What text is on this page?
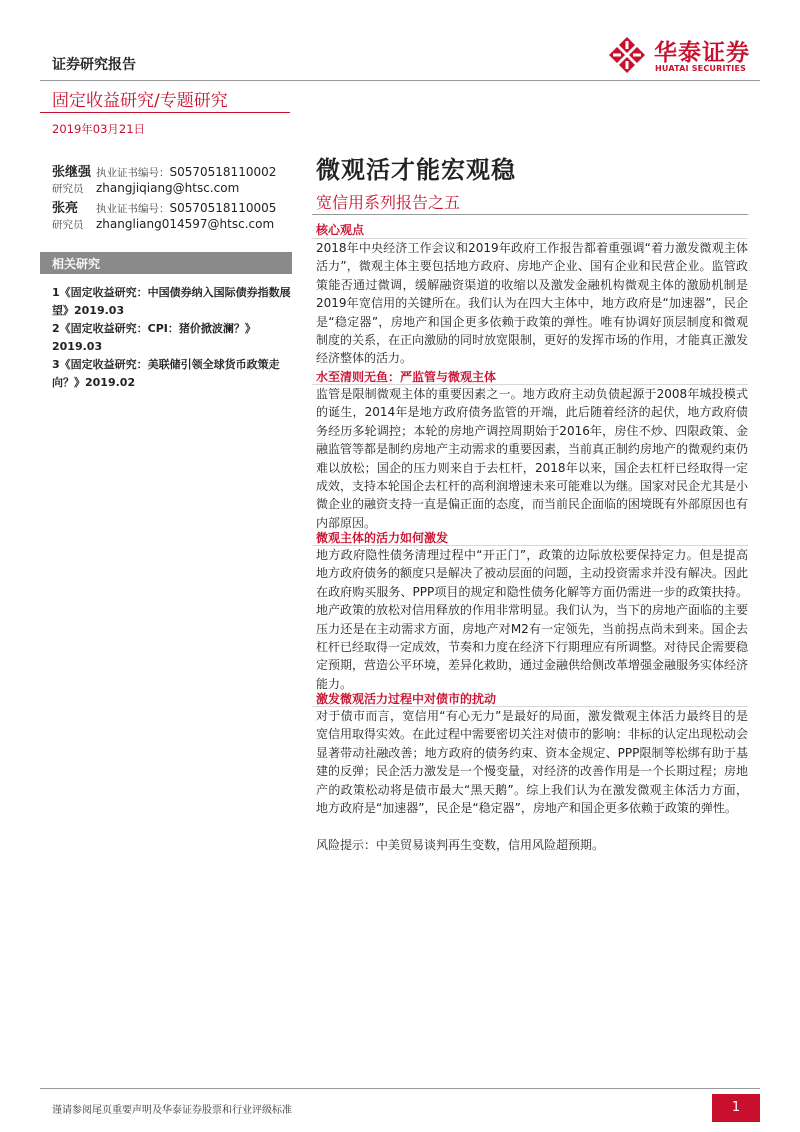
证券研究报告	华泰证券
HUATAI SECURITIES
固定收益研究/专题研究
2019年03月21日
张继强 执业证书编号：S0570518110002
研究员 zhangjiqiang@htsc.com
张亮 执业证书编号：S0570518110005
研究员 zhangliang014597@htsc.com
相关研究
1《固定收益研究：中国债券纳入国际债券指数展望》2019.03
2《固定收益研究：CPI：猪价掀波澜？》2019.03
3《固定收益研究：美联储引领全球货币政策走向？》2019.02
微观活才能宏观稳
宽信用系列报告之五
核心观点
2018年中央经济工作会议和2019年政府工作报告都着重强调“着力激发微观主体活力”，微观主体主要包括地方政府、房地产企业、国有企业和民营企业。监管政策能否通过微调，缓解融资渠道的收缩以及激发金融机构微观主体的激励机制是2019年宽信用的关键所在。我们认为在四大主体中，地方政府是“加速器”，民企是“稳定器”，房地产和国企更多依赖于政策的弹性。唯有协调好顶层制度和微观制度的关系，在正向激励的同时放宽限制，更好的发挥市场的作用，才能真正激发经济整体的活力。
水至清则无鱼：严监管与微观主体
监管是限制微观主体的重要因素之一。地方政府主动负债起源于2008年城投模式的诞生，2014年是地方政府债务监管的开端，此后随着经济的起伏，地方政府债务经历多轮调控；本轮的房地产调控周期始于2016年，房住不炒、四限政策、金融监管等都是制约房地产主动需求的重要因素，当前真正制约房地产的微观约束仍难以放松；国企的压力则来自于去杠杆，2018年以来，国企去杠杆已经取得一定成效，支持本轮国企去杠杆的高利润增速未来可能难以为继。国家对民企尤其是小微企业的融资支持一直是偏正面的态度，而当前民企面临的困境既有外部原因也有内部原因。
微观主体的活力如何激发
地方政府隐性债务清理过程中“开正门”，政策的边际放松要保持定力。但是提高地方政府债务的额度只是解决了被动层面的问题，主动投资需求并没有解决。因此在政府购买服务、PPP项目的规定和隐性债务化解等方面仍需进一步的政策扶持。地产政策的放松对信用释放的作用非常明显。我们认为，当下的房地产面临的主要压力还是在主动需求方面，房地产对M2有一定领先，当前拐点尚未到来。国企去杠杆已经取得一定成效，节奏和力度在经济下行期理应有所调整。对待民企需要稳定预期，营造公平环境，差异化救助，通过金融供给侧改革增强金融服务实体经济能力。
激发微观活力过程中对债市的扰动
对于债市而言，宽信用“有心无力”是最好的局面，激发微观主体活力最终目的是宽信用取得实效。在此过程中需要密切关注对债市的影响：非标的认定出现松动会显著带动社融改善；地方政府的债务约束、资本金规定、PPP限制等松绑有助于基建的反弹；民企活力激发是一个慢变量，对经济的改善作用是一个长期过程；房地产的政策松动将是债市最大“黑天鹅”。综上我们认为在激发微观主体活力方面，地方政府是“加速器”，民企是“稳定器”，房地产和国企更多依赖于政策的弹性。
风险提示：中美贸易谈判再生变数，信用风险超预期。
谨请参阅尾页重要声明及华泰证券股票和行业评级标准	1
